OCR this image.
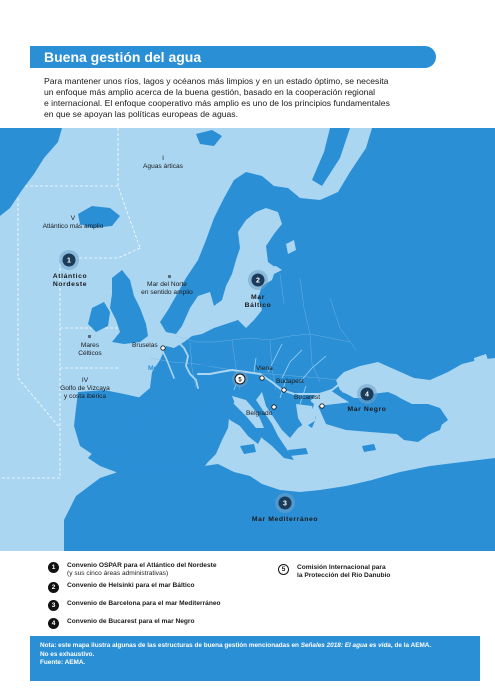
Buena gestión del agua
Para mantener unos ríos, lagos y océanos más limpios y en un estado óptimo, se necesita
un enfoque más amplio acerca de la buena gestión, basado en la cooperación regional
e internacional. El enfoque cooperativo más amplio es uno de los principios fundamentales
en que se apoyan las políticas europeas de aguas.
1
2
3
4
5
I
Aguas árticas
V
Atlántico más amplio
Mar del Norte
en sentido amplio
Mares
Célticos
IV
Golfo de Vizcaya
y costa ibérica
Atlántico
Nordeste
Mar
Báltico
Mar Mediterráneo
Mar Negro
Rin
Mosa
Danubio
Bruselas
Viena
Budapest
Bucarest
Belgrado
1	Convenio OSPAR para el Atlántico del Nordeste
(y sus cinco áreas administrativas)
2	Convenio de Helsinki para el mar Báltico
3	Convenio de Barcelona para el mar Mediterráneo
4	Convenio de Bucarest para el mar Negro
5	Comisión Internacional para
la Protección del Río Danubio
Nota: este mapa ilustra algunas de las estructuras de buena gestión mencionadas en Señales 2018: El agua es vida, de la AEMA.
No es exhaustivo.
Fuente: AEMA.
